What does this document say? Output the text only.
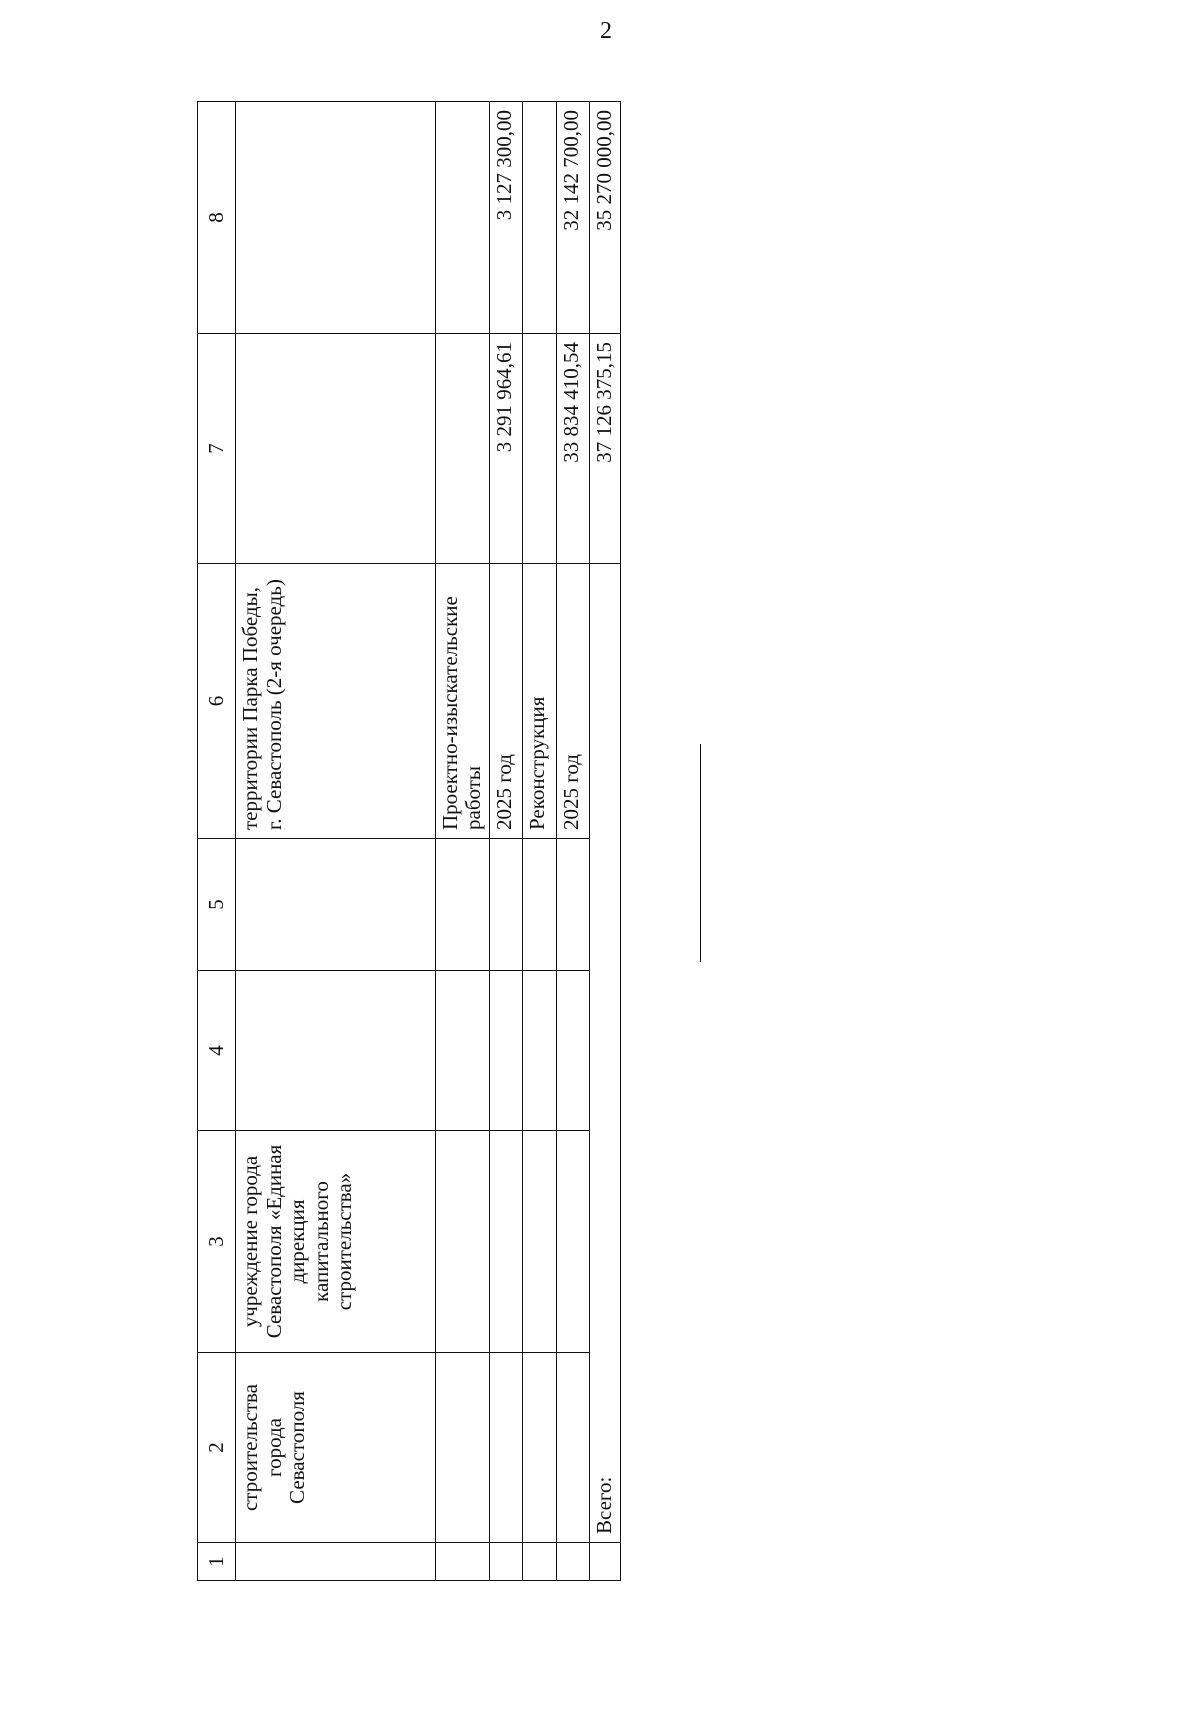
2
1	2	3	4	5	6	7	8
	строительства города Севастополя	учреждение города Севастополя «Единая дирекция капитального строительства»			территории Парка Победы, г. Севастополь (2-я очередь)		
					Проектно-изыскательские работы		
					2025 год	3 291 964,61	3 127 300,00
					Реконструкция		
					2025 год	33 834 410,54	32 142 700,00
	Всего:					37 126 375,15	35 270 000,00
